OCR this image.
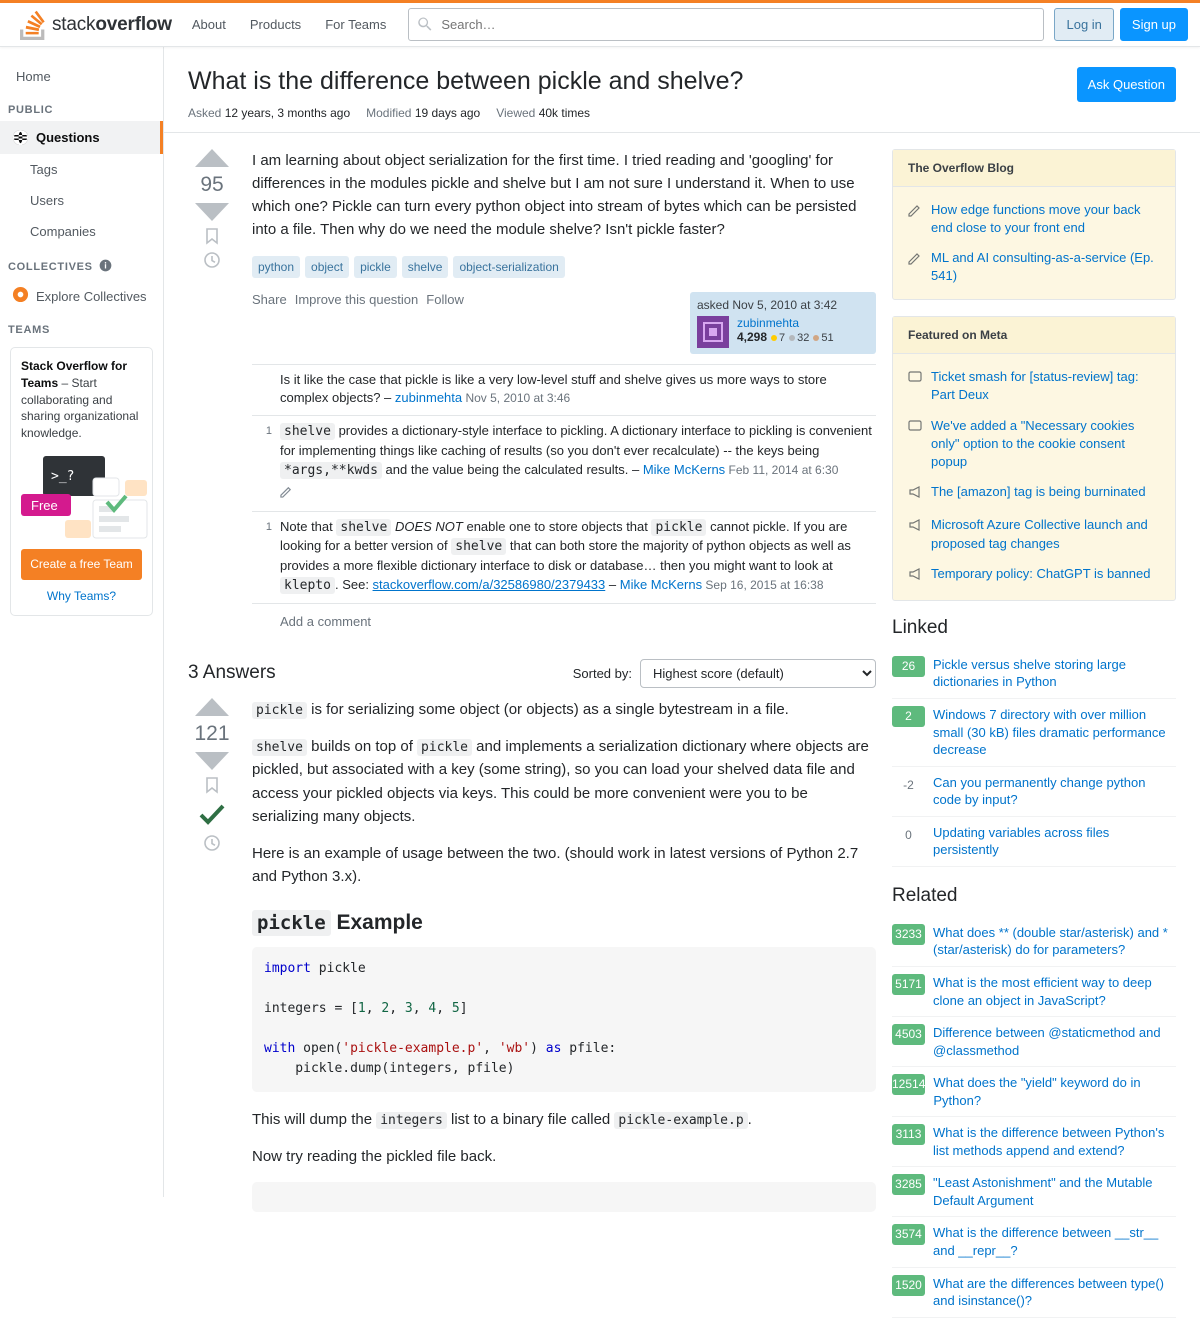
stackoverflow	About	Products	For Teams
Search…	Log in	Sign up
Home
PUBLIC
Questions
Tags
Users
Companies
COLLECTIVES
Explore Collectives
TEAMS
Stack Overflow for Teams – Start collaborating and sharing organizational knowledge.
>_?
Free
Create a free Team
Why Teams?
What is the difference between pickle and shelve?	Ask Question
Asked 12 years, 3 months ago Modified 19 days ago Viewed 40k times
95

I am learning about object serialization for the first time. I tried reading and 'googling' for differences in the modules pickle and shelve but I am not sure I understand it. When to use which one? Pickle can turn every python object into stream of bytes which can be persisted into a file. Then why do we need the module shelve? Isn't pickle faster?

python	object	pickle	shelve	object-serialization
Share Improve this question Follow	asked Nov 5, 2010 at 3:42
zubinmehta
4,298 7 32 51
Is it like the case that pickle is like a very low-level stuff and shelve gives us more ways to store complex objects? – zubinmehta Nov 5, 2010 at 3:46
1 shelve provides a dictionary-style interface to pickling. A dictionary interface to pickling is convenient for implementing things like caching of results (so you don't ever recalculate) -- the keys being *args,**kwds and the value being the calculated results. – Mike McKerns Feb 11, 2014 at 6:30
1 Note that shelve DOES NOT enable one to store objects that pickle cannot pickle. If you are looking for a better version of shelve that can both store the majority of python objects as well as provides a more flexible dictionary interface to disk or database… then you might want to look at klepto . See: stackoverflow.com/a/32586980/2379433 – Mike McKerns Sep 16, 2015 at 16:38
Add a comment
3 Answers	Sorted by:
Highest score (default)
121

pickle is for serializing some object (or objects) as a single bytestream in a file.

shelve builds on top of pickle and implements a serialization dictionary where objects are pickled, but associated with a key (some string), so you can load your shelved data file and access your pickled objects via keys. This could be more convenient were you to be serializing many objects.

Here is an example of usage between the two. (should work in latest versions of Python 2.7 and Python 3.x).

pickle Example
import pickle

integers = [1, 2, 3, 4, 5]

with open('pickle-example.p', 'wb') as pfile:
pickle.dump(integers, pfile)

This will dump the integers list to a binary file called pickle-example.p .

Now try reading the pickled file back.

The Overflow Blog
How edge functions move your back end close to your front end
ML and AI consulting-as-a-service (Ep. 541)
Featured on Meta
Ticket smash for [status-review] tag: Part Deux
We've added a "Necessary cookies only" option to the cookie consent popup
The [amazon] tag is being burninated
Microsoft Azure Collective launch and proposed tag changes
Temporary policy: ChatGPT is banned
Linked
26	Pickle versus shelve storing large dictionaries in Python
2	Windows 7 directory with over million small (30 kB) files dramatic performance decrease
-2	Can you permanently change python code by input?
0	Updating variables across files persistently
Related
3233 What does ** (double star/asterisk) and * (star/asterisk) do for parameters?
5171 What is the most efficient way to deep clone an object in JavaScript?
4503 Difference between @staticmethod and @classmethod
12514 What does the "yield" keyword do in Python?
3113 What is the difference between Python's list methods append and extend?
3285 "Least Astonishment" and the Mutable Default Argument
3574 What is the difference between __str__ and __repr__?
1520 What are the differences between type() and isinstance()?
